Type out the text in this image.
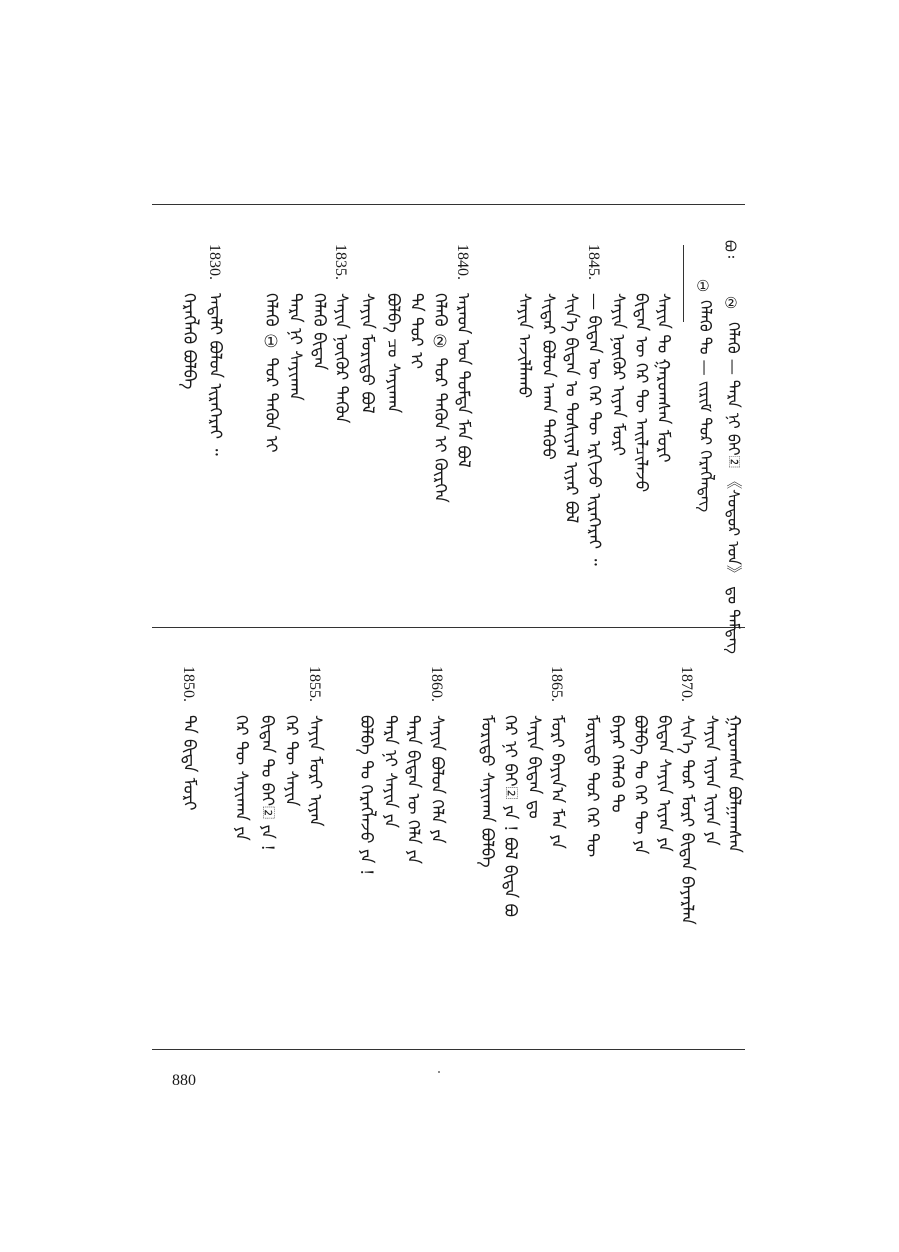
ᠪᠣ᠄
①
②
ᠬᠡᠯᠡᠬᠦ ᠲᠤ — ᠵᠢᠷᠢᠮ ᠳᠤᠷ ᠬᠡᠷᠡᠭᠯᠡᠳᠡᠭ ᠬᠡᠯᠡᠬᠦ — ᠲᠡᠷᠡ ᠨᠢ ᠪᠠᠢ᠌ 《ᠰᠤᠳᠤᠷ ᠤᠨ》 ᠳᠤ ᠲᠡᠮᠳᠡᠭ
ᠰᠠᠶᠢᠨ ᠲᠤ ᠭᠠᠷᠤᠭᠰᠠᠨ ᠮᠣᠷᠢ
ᠪᠢᠳᠡᠨ ᠦ ᠭᠡᠷ ᠲᠦ ᠠᠢᠯᠴᠢᠯᠠᠵᠤ
ᠰᠠᠶᠢᠨ ᠨᠦᠬᠦᠷ ᠢᠶᠠᠨ ᠮᠣᠷᠢ
1845.
— ᠪᠢᠳᠡᠨ ᠦ ᠭᠡᠷ ᠲᠦ ᠡᠷᠭᠢᠵᠦ ᠢᠷᠡᠭᠡᠷᠡᠢ ᠃
ᠰᠢᠨ᠎ᠡ ᠪᠢᠳᠡᠨ ᠤ ᠲᠤᠰᠢᠶᠠᠯ ᠢᠶᠠᠷ ᠪᠣᠯ
ᠰᠢᠳᠠᠷ ᠪᠣᠯᠤᠨ ᠠᠬᠠ ᠳᠡᠭᠦᠦ
ᠰᠠᠶᠢᠨ ᠠᠵᠢᠯᠯᠠᠬᠤ
1840.
ᠠᠷᠠᠳ ᠤᠨ ᠳᠤᠮᠳᠠ ᠮᠠᠨ ᠪᠣᠯ
ᠬᠡᠯᠡᠬᠦ ② ᠳᠤᠷ ᠲᠡᠭᠦᠨ ᠢ ᠬᠦᠷᠭᠡᠨ
ᠲᠡ ᠳᠤᠷ ᠢ
ᠪᠣᠯᠪᠠ ᠴᠤ ᠰᠠᠶᠢᠬᠠᠨ
ᠰᠠᠶᠢᠨ ᠮᠣᠷᠢᠲᠤ ᠪᠣᠯ
1835.
ᠰᠠᠶᠢᠨ ᠨᠦᠬᠦᠷ ᠲᠡᠭᠦᠨ
ᠬᠡᠯᠡᠬᠦ ᠪᠢᠳᠡᠨ
ᠲᠡᠷᠡ ᠨᠢ ᠰᠠᠶᠢᠬᠠᠨ
ᠬᠡᠯᠡᠬᠦ ① ᠳᠤᠷ ᠲᠡᠭᠦᠨ ᠢ
1830.
ᠠᠳᠠᠯᠢ ᠪᠣᠯᠤᠨ ᠢᠷᠡᠭᠡᠷᠡᠢ ᠃
ᠬᠡᠷᠡᠭᠯᠡᠬᠦ ᠪᠣᠯᠪᠠ
ᠭᠠᠷᠤᠭᠰᠠᠨ ᠪᠣᠯᠭᠠᠭᠰᠠᠨ
ᠰᠠᠶᠢᠨ ᠢᠶᠠᠨ ᠢᠶᠠᠨ ᠶᠠ
1870.
ᠰᠢᠨ᠎ᠡ ᠳᠤᠷ ᠮᠣᠷᠢ ᠪᠢᠳᠡᠨ ᠪᠠᠶᠠᠷᠯᠠᠨ
ᠪᠢᠳᠡᠨ ᠰᠠᠶᠢᠨ ᠢᠶᠠᠨ ᠶᠠ
ᠪᠣᠯᠪᠠ ᠲᠤ ᠭᠡᠷ ᠲᠦ ᠶᠠ
ᠪᠠᠶᠠᠷ ᠬᠡᠯᠡᠬᠦ ᠲᠤ
ᠮᠣᠷᠢᠲᠤ ᠲᠤᠷ ᠬᠡᠷ ᠲᠦ
1865.
ᠮᠣᠷᠢ ᠪᠠᠶᠢᠨ᠎ᠠ ᠮᠠᠨ ᠶᠠ
ᠰᠠᠶᠢᠨ ᠪᠢᠳᠡᠨ ᠳᠤ
ᠬᠡᠷ ᠨᠢ ᠪᠠᠢ᠌ ᠶᠠ ! ᠪᠣᠯ ᠪᠢᠳᠡ ᠪᠣ
ᠮᠣᠷᠢᠲᠤ ᠰᠠᠶᠢᠬᠠᠨ ᠪᠣᠯᠪᠠ
1860.
ᠰᠠᠶᠢᠨ ᠪᠣᠯᠤᠨ ᠬᠡᠯᠡ ᠶᠠ
ᠲᠡᠷᠡ ᠪᠢᠳᠡᠨ ᠦ ᠬᠡᠯᠡ ᠶᠠ
ᠲᠡᠷᠡ ᠨᠢ ᠰᠠᠶᠢᠨ ᠶᠠ
ᠪᠣᠯᠪᠠ ᠲᠤ ᠬᠡᠷᠡᠭᠯᠡᠵᠦ ᠶᠠ !
1855.
ᠰᠠᠶᠢᠨ ᠮᠣᠷᠢ ᠢᠶᠠᠨ
ᠬᠡᠷ ᠲᠦ ᠰᠠᠶᠢᠨ
ᠪᠢᠳᠡᠨ ᠲᠤ ᠪᠠᠢ᠌ ᠶᠠ !
ᠬᠡᠷ ᠲᠦ ᠰᠠᠶᠢᠬᠠᠨ ᠶᠠ
1850.
ᠲᠡ ᠪᠢᠳᠡ ᠮᠣᠷᠢ
880
